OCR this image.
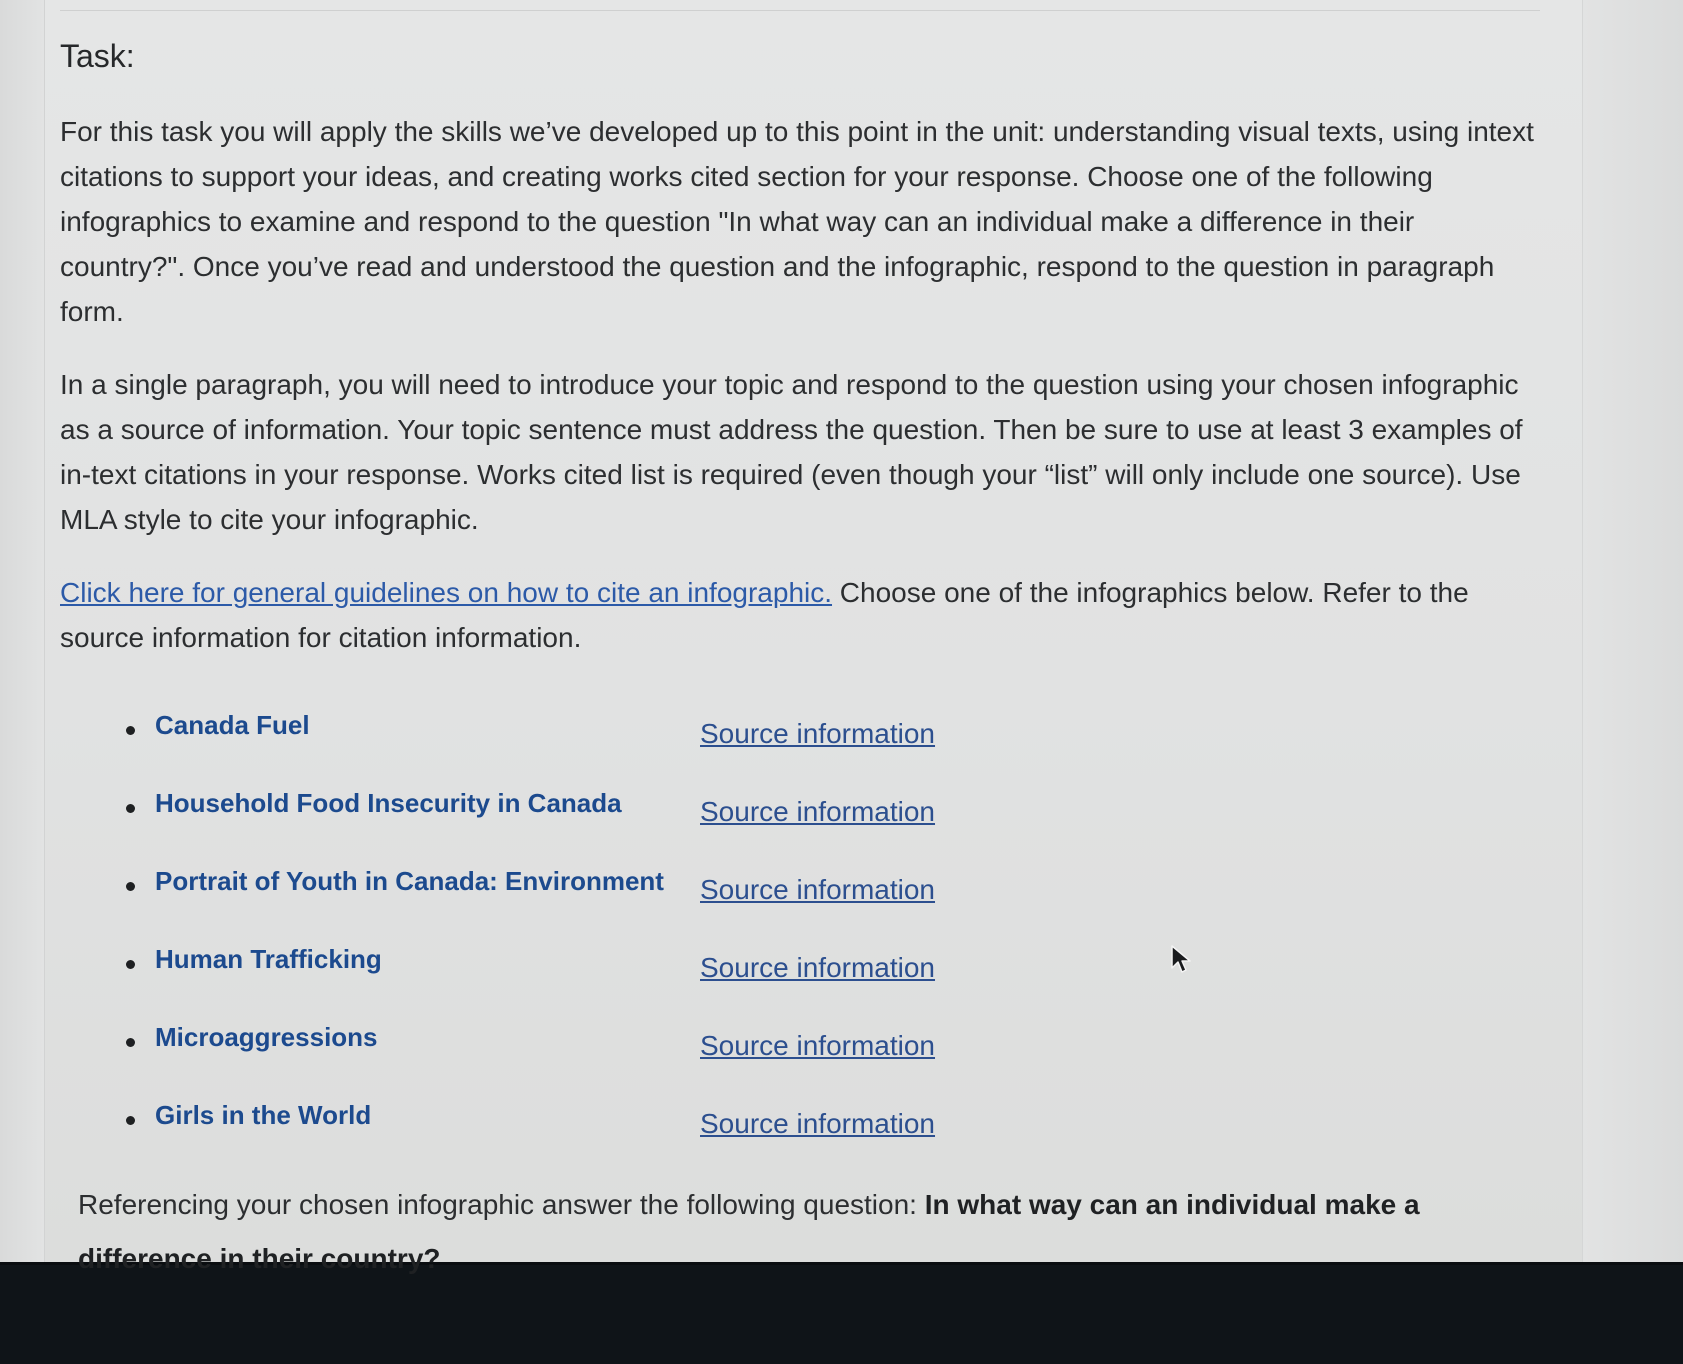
Task:

For this task you will apply the skills we’ve developed up to this point in the unit: understanding visual texts, using intext citations to support your ideas, and creating works cited section for your response. Choose one of the following infographics to examine and respond to the question "In what way can an individual make a difference in their country?". Once you’ve read and understood the question and the infographic, respond to the question in paragraph form.

In a single paragraph, you will need to introduce your topic and respond to the question using your chosen infographic as a source of information. Your topic sentence must address the question. Then be sure to use at least 3 examples of in-text citations in your response. Works cited list is required (even though your “list” will only include one source). Use MLA style to cite your infographic.

Click here for general guidelines on how to cite an infographic. Choose one of the infographics below. Refer to the source information for citation information.

Canada Fuel	Source information
Household Food Insecurity in Canada	Source information
Portrait of Youth in Canada: Environment Source information
Human Trafficking	Source information
Microaggressions	Source information
Girls in the World	Source information

Referencing your chosen infographic answer the following question: In what way can an individual make a difference in their country?
